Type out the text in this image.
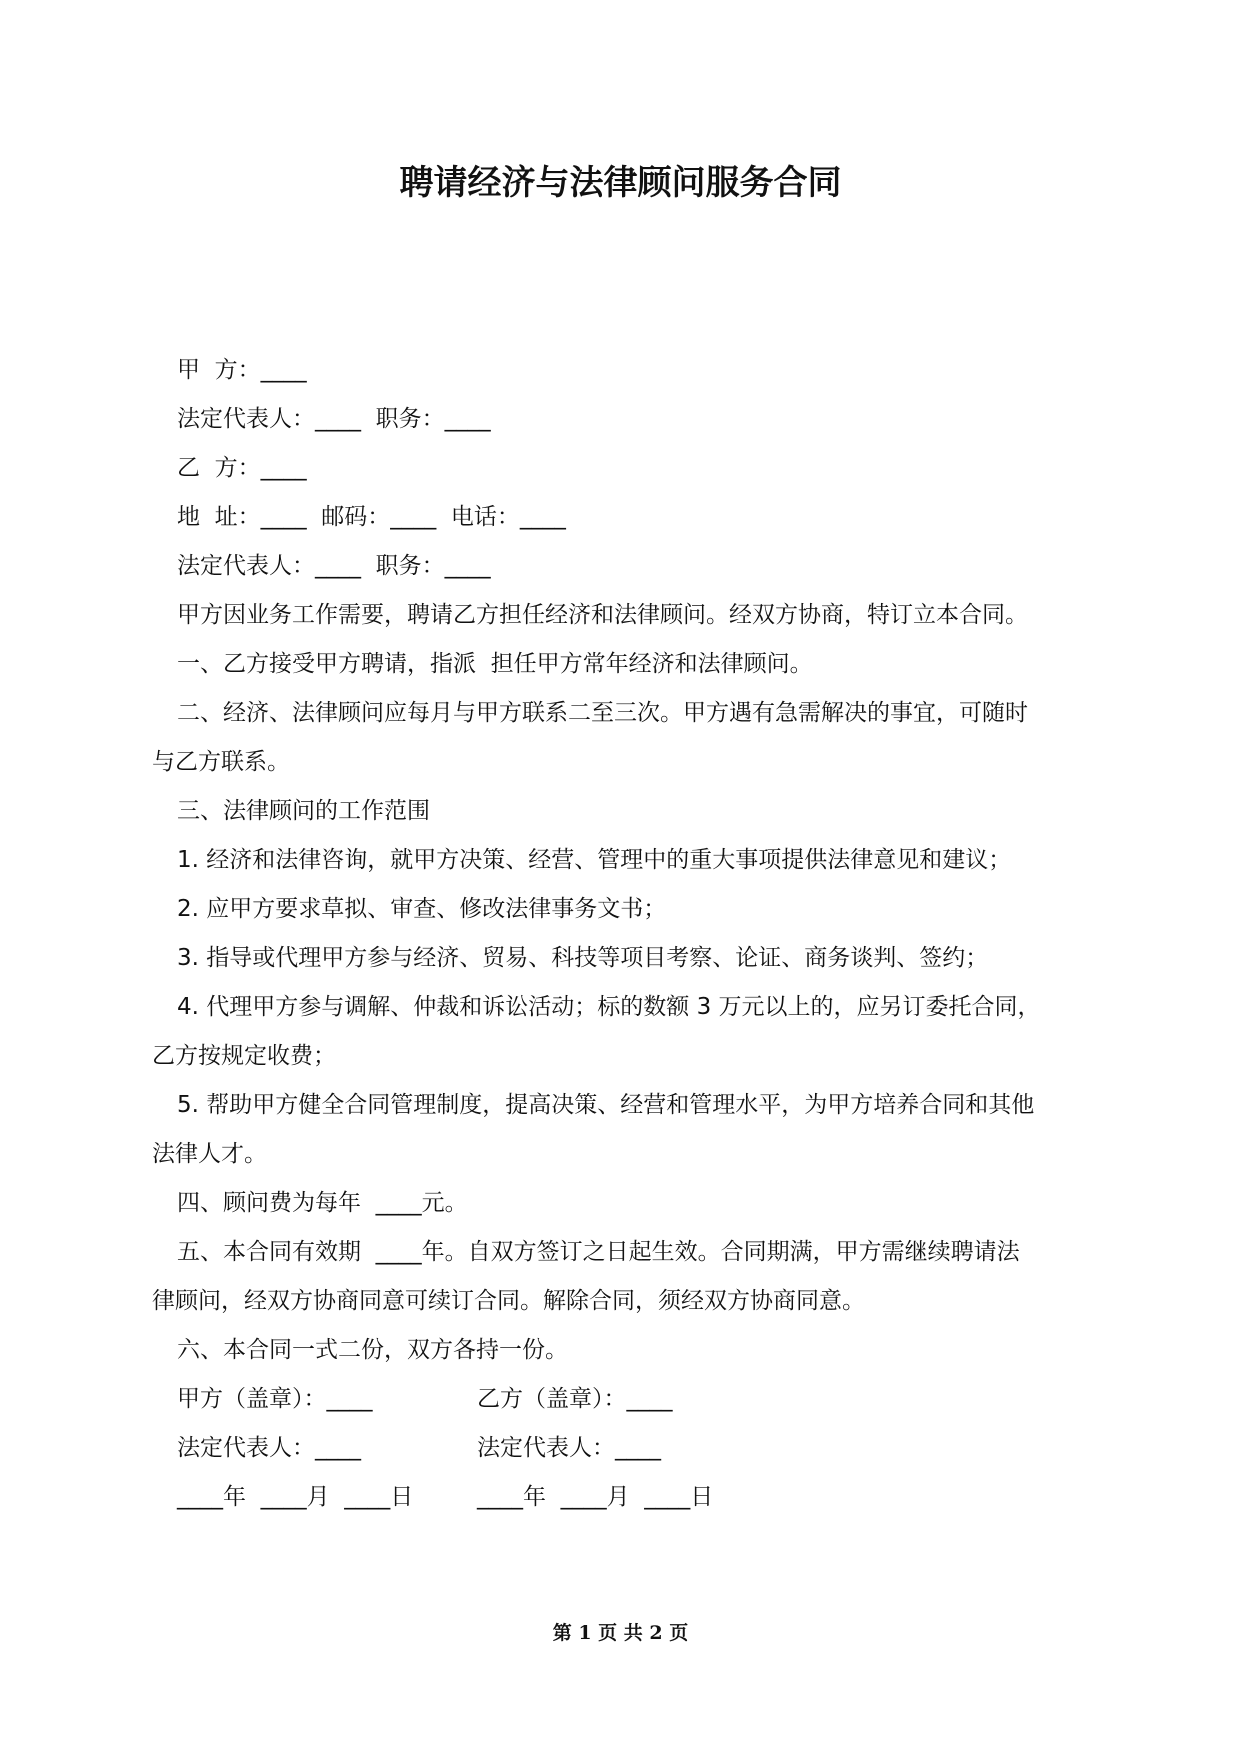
聘请经济与法律顾问服务合同
甲  方：____
法定代表人：____  职务：____
乙  方：____
地  址：____  邮码：____  电话：____
法定代表人：____  职务：____
甲方因业务工作需要，聘请乙方担任经济和法律顾问。经双方协商，特订立本合同。
一、乙方接受甲方聘请，指派  担任甲方常年经济和法律顾问。
二、经济、法律顾问应每月与甲方联系二至三次。甲方遇有急需解决的事宜，可随时
与乙方联系。
三、法律顾问的工作范围
1. 经济和法律咨询，就甲方决策、经营、管理中的重大事项提供法律意见和建议；
2. 应甲方要求草拟、审查、修改法律事务文书；
3. 指导或代理甲方参与经济、贸易、科技等项目考察、论证、商务谈判、签约；
4. 代理甲方参与调解、仲裁和诉讼活动；标的数额 3 万元以上的，应另订委托合同，
乙方按规定收费；
5. 帮助甲方健全合同管理制度，提高决策、经营和管理水平，为甲方培养合同和其他
法律人才。
四、顾问费为每年  ____元。
五、本合同有效期  ____年。自双方签订之日起生效。合同期满，甲方需继续聘请法
律顾问，经双方协商同意可续订合同。解除合同，须经双方协商同意。
六、本合同一式二份，双方各持一份。
甲方（盖章）：____	乙方（盖章）：____
法定代表人：____	法定代表人：____
____年  ____月  ____日	____年  ____月  ____日
第 1 页 共 2 页
